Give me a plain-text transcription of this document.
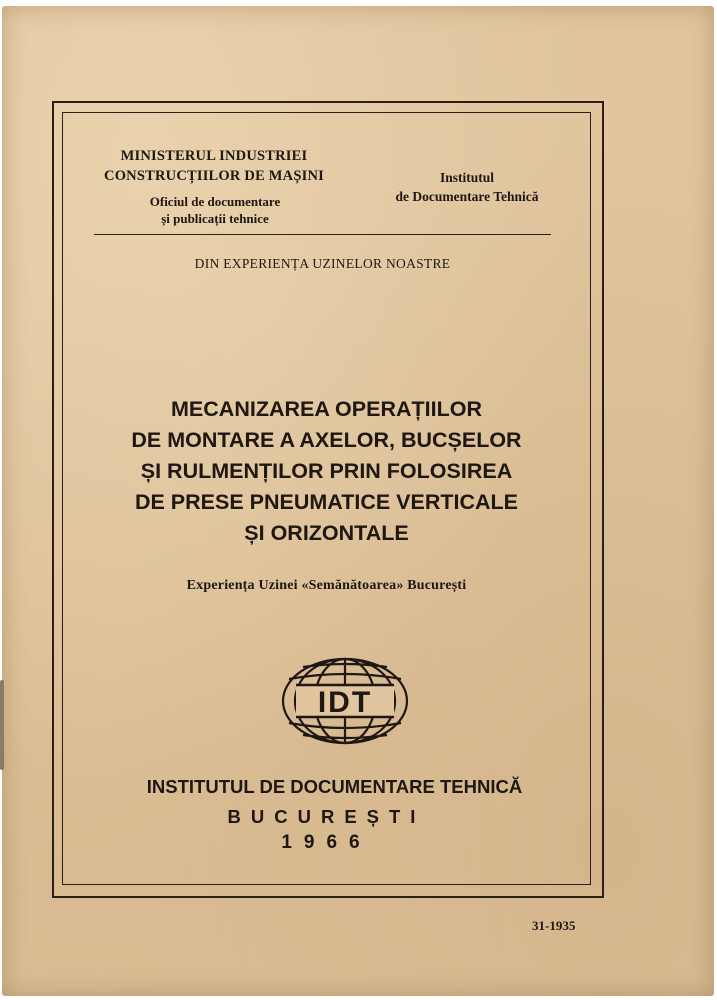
MINISTERUL INDUSTRIEI
CONSTRUCȚIILOR DE MAȘINI
Oficiul de documentare
și publicații tehnice
Institutul
de Documentare Tehnică
DIN EXPERIENȚA UZINELOR NOASTRE
MECANIZAREA OPERAȚIILOR
DE MONTARE A AXELOR, BUCȘELOR
ȘI RULMENȚILOR PRIN FOLOSIREA
DE PRESE PNEUMATICE VERTICALE
ȘI ORIZONTALE
Experiența Uzinei «Semănătoarea» București
IDT
INSTITUTUL DE DOCUMENTARE TEHNICĂ
BUCUREȘTI
1966
31-1935
